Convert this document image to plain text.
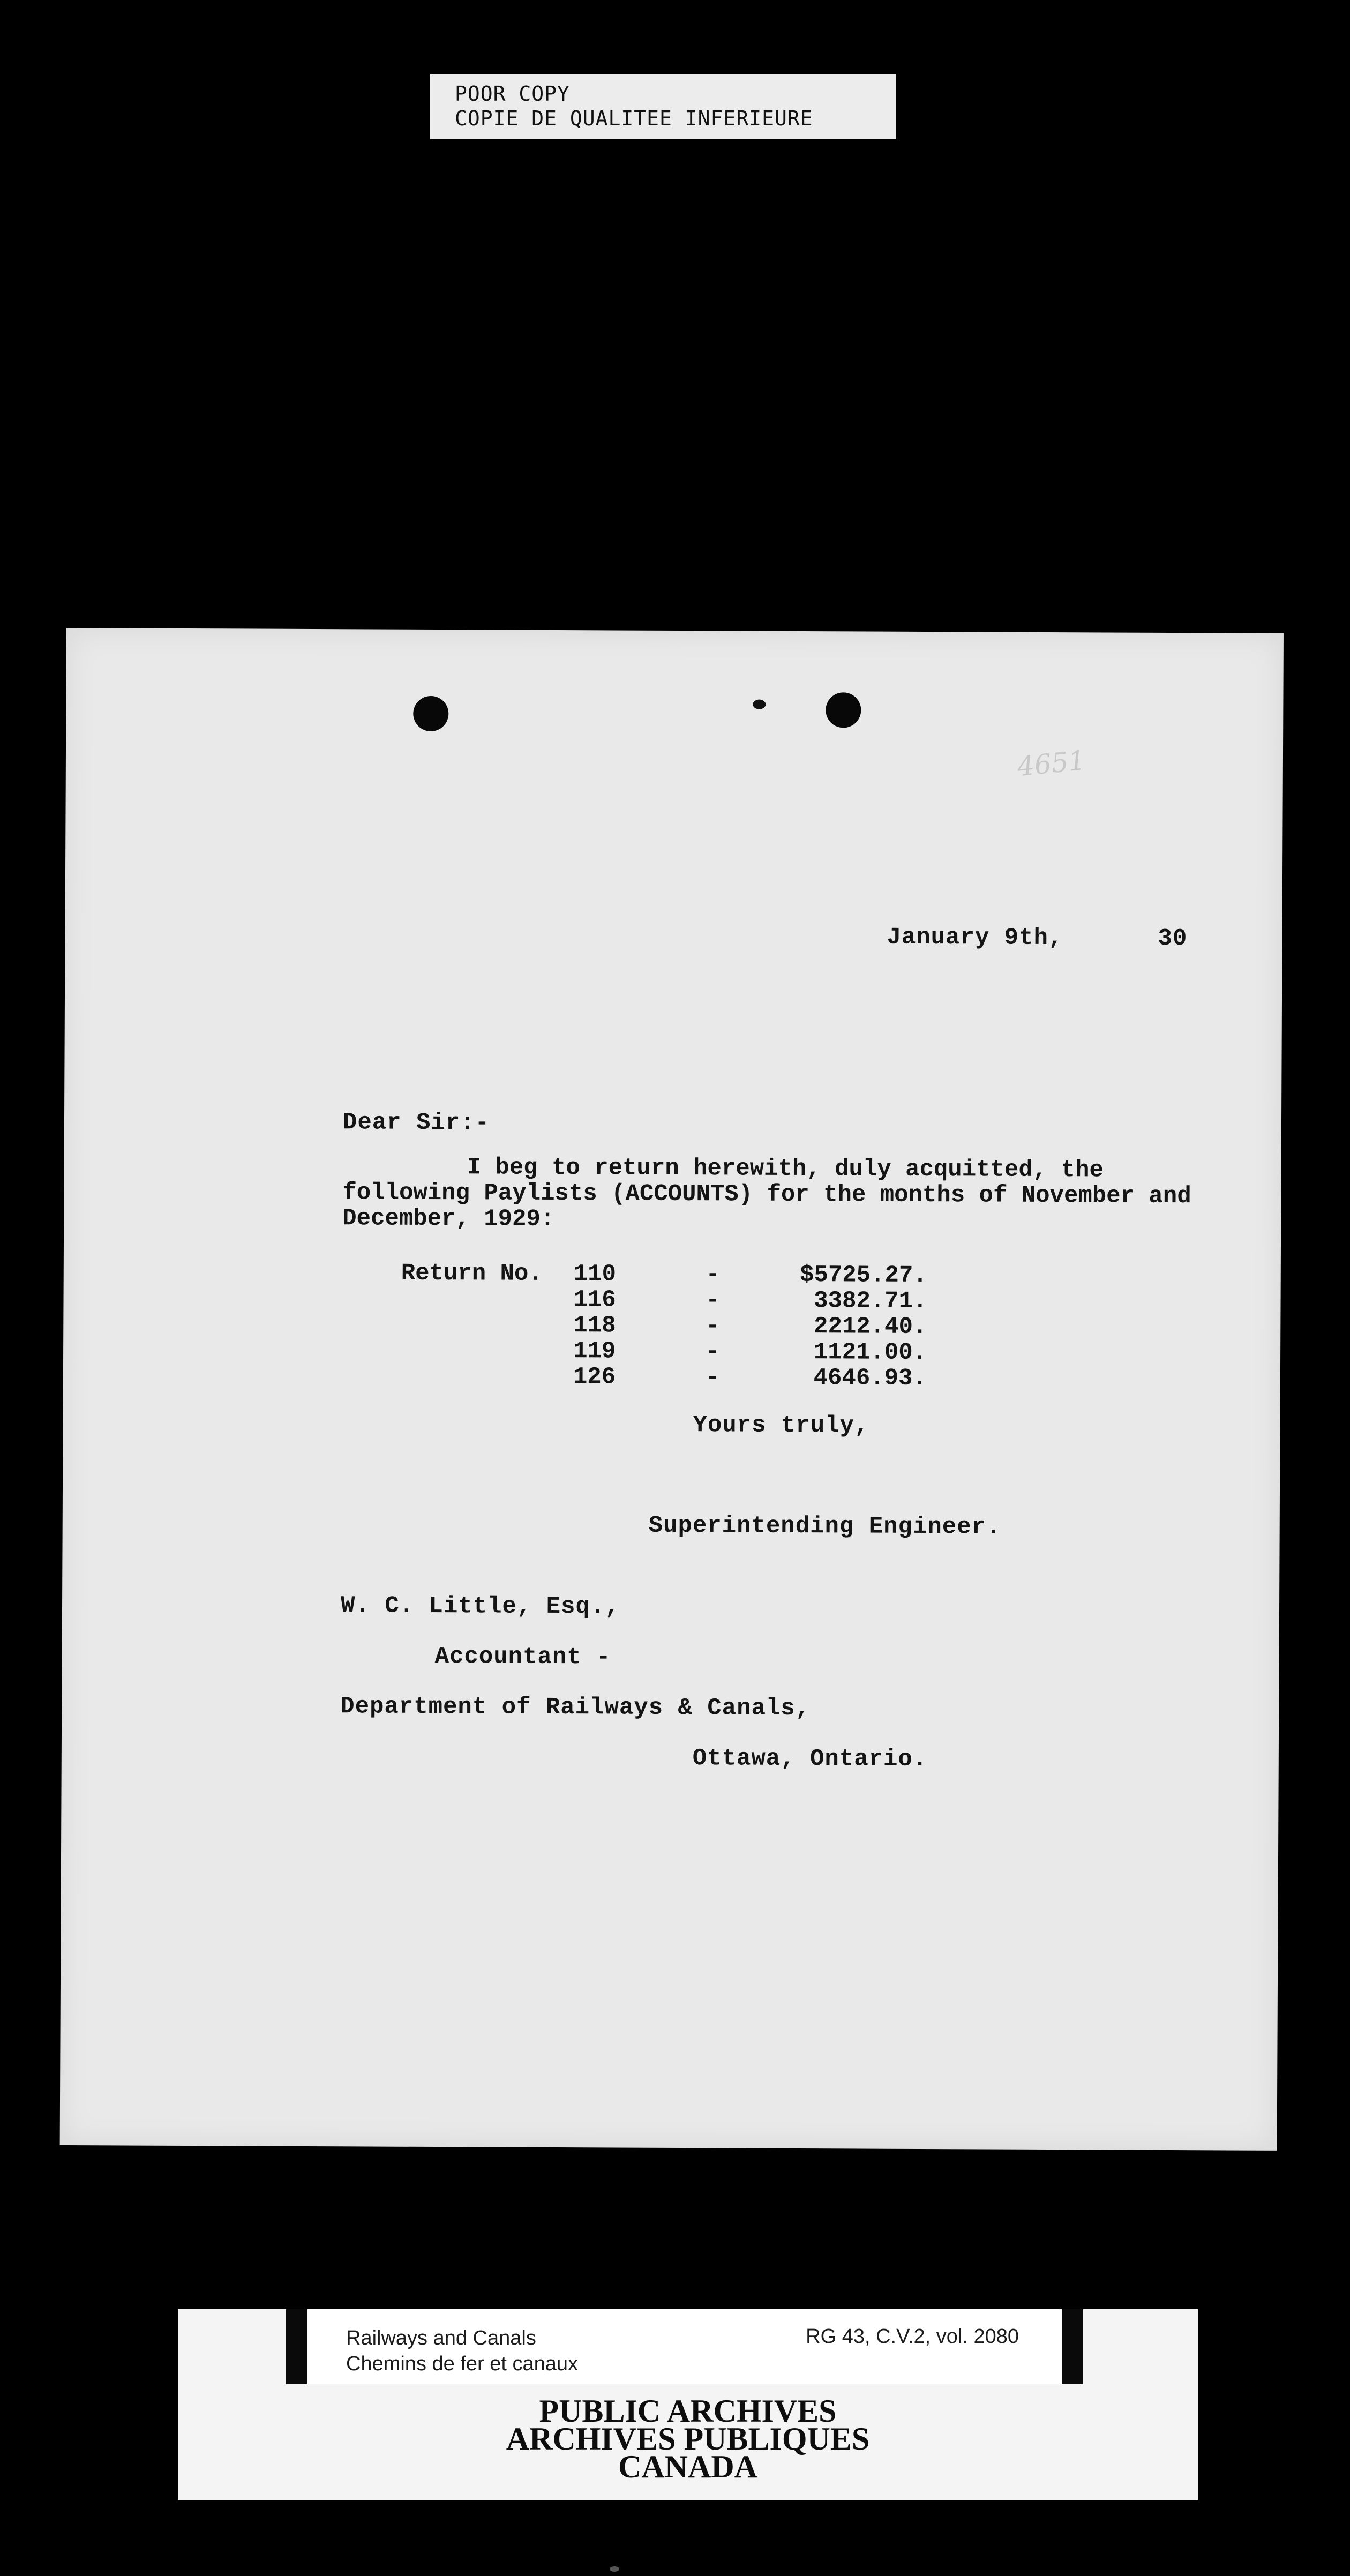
POOR COPY
COPIE DE QUALITEE INFERIEURE
4651
January 9th,	30
Dear Sir:-
I beg to return herewith, duly acquitted, the following Paylists (ACCOUNTS) for the months of November and December, 1929:
Return No.	110	-	$5725.27.
	116	-	3382.71.
	118	-	2212.40.
	119	-	1121.00.
	126	-	4646.93.
Yours truly,
Superintending Engineer.
W. C. Little, Esq.,
Accountant -
Department of Railways & Canals,
Ottawa, Ontario.
Railways and Canals
Chemins de fer et canaux
RG 43, C.V.2, vol. 2080
PUBLIC ARCHIVES
ARCHIVES PUBLIQUES
CANADA
